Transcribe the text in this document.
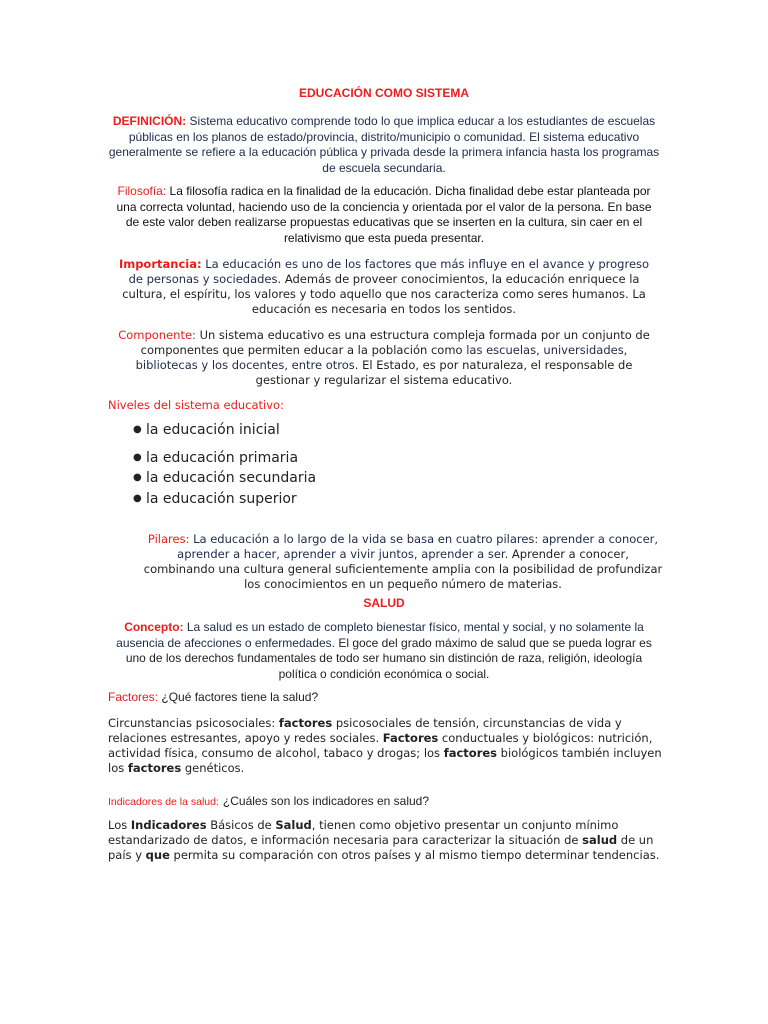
EDUCACIÓN COMO SISTEMA

DEFINICIÓN: Sistema educativo comprende todo lo que implica educar a los estudiantes de escuelas públicas en los planos de estado/provincia, distrito/municipio o comunidad. El sistema educativo generalmente se refiere a la educación pública y privada desde la primera infancia hasta los programas de escuela secundaria.

Filosofía: La filosofía radica en la finalidad de la educación. Dicha finalidad debe estar planteada por una correcta voluntad, haciendo uso de la conciencia y orientada por el valor de la persona. En base de este valor deben realizarse propuestas educativas que se inserten en la cultura, sin caer en el relativismo que esta pueda presentar.

Importancia: La educación es uno de los factores que más influye en el avance y progreso de personas y sociedades. Además de proveer conocimientos, la educación enriquece la cultura, el espíritu, los valores y todo aquello que nos caracteriza como seres humanos. La educación es necesaria en todos los sentidos.

Componente: Un sistema educativo es una estructura compleja formada por un conjunto de componentes que permiten educar a la población como las escuelas, universidades, bibliotecas y los docentes, entre otros. El Estado, es por naturaleza, el responsable de gestionar y regularizar el sistema educativo.

Niveles del sistema educativo:
● la educación inicial
● la educación primaria
● la educación secundaria
● la educación superior

Pilares: La educación a lo largo de la vida se basa en cuatro pilares: aprender a conocer, aprender a hacer, aprender a vivir juntos, aprender a ser. Aprender a conocer, combinando una cultura general suficientemente amplia con la posibilidad de profundizar los conocimientos en un pequeño número de materias.

SALUD

Concepto: La salud es un estado de completo bienestar físico, mental y social, y no solamente la ausencia de afecciones o enfermedades. El goce del grado máximo de salud que se pueda lograr es uno de los derechos fundamentales de todo ser humano sin distinción de raza, religión, ideología política o condición económica o social.

Factores: ¿Qué factores tiene la salud?

Circunstancias psicosociales: factores psicosociales de tensión, circunstancias de vida y relaciones estresantes, apoyo y redes sociales. Factores conductuales y biológicos: nutrición, actividad física, consumo de alcohol, tabaco y drogas; los factores biológicos también incluyen los factores genéticos.

Indicadores de la salud: ¿Cuáles son los indicadores en salud?

Los Indicadores Básicos de Salud, tienen como objetivo presentar un conjunto mínimo estandarizado de datos, e información necesaria para caracterizar la situación de salud de un país y que permita su comparación con otros países y al mismo tiempo determinar tendencias.
